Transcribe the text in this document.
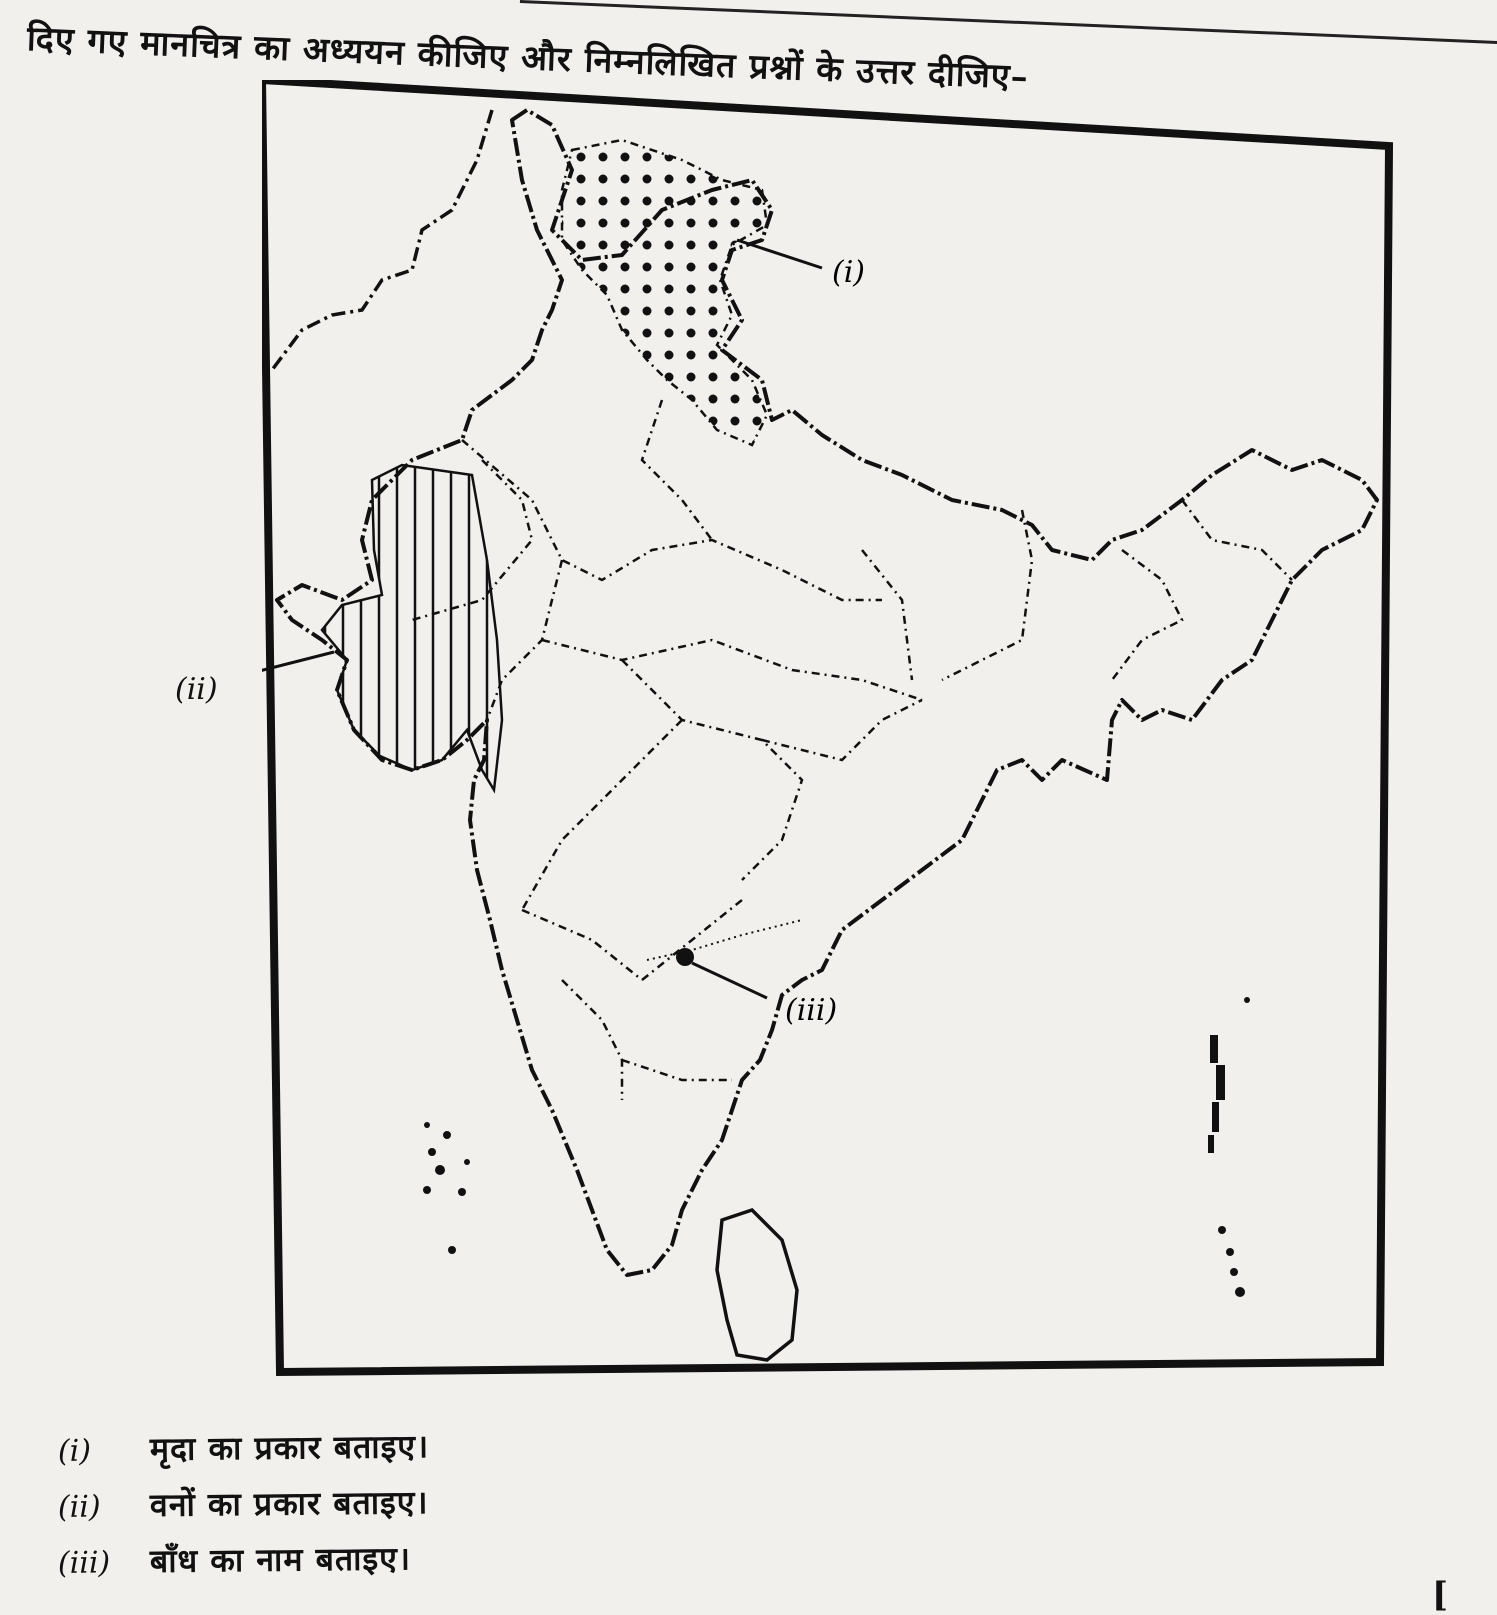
दिए गए मानचित्र का अध्ययन कीजिए और निम्नलिखित प्रश्नों के उत्तर दीजिए–
(i)
(iii)
(ii)
(i)	मृदा का प्रकार बताइए।
(ii)	वनों का प्रकार बताइए।
(iii)	बाँध का नाम बताइए।
[
